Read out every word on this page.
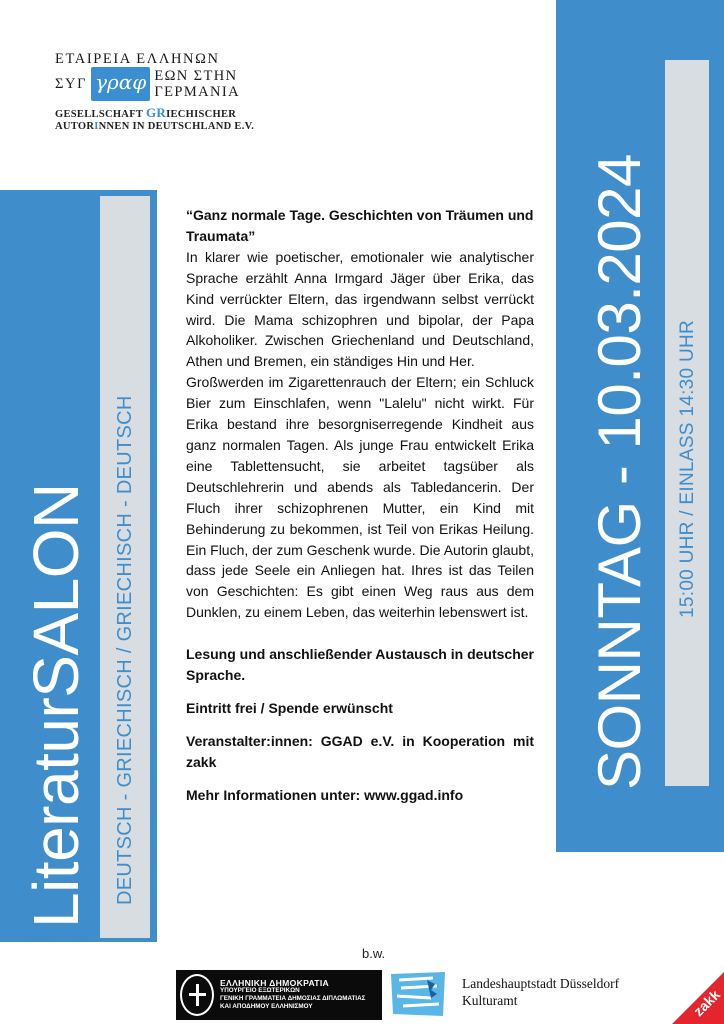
ΕΤΑΙΡΕΙΑ ΕΛΛΗΝΩΝ
ΣΥΓ γραφ ΕΩΝ ΣΤΗΝ
ΓΕΡΜΑΝΙΑ
GESELLSCHAFT GRIECHISCHER
AUTORINNEN IN DEUTSCHLAND E.V.
LiteraturSALON	DEUTSCH - GRIECHISCH / GRIECHISCH - DEUTSCH	SONNTAG - 10.03.2024 15:00 UHR / EINLASS 14:30 UHR

“Ganz normale Tage. Geschichten von Träumen und Traumata”

In klarer wie poetischer, emotionaler wie analytischer Sprache erzählt Anna Irmgard Jäger über Erika, das Kind verrückter Eltern, das irgendwann selbst verrückt wird. Die Mama schizophren und bipolar, der Papa Alkoholiker. Zwischen Griechenland und Deutschland, Athen und Bremen, ein ständiges Hin und Her.

Großwerden im Zigarettenrauch der Eltern; ein Schluck Bier zum Einschlafen, wenn "Lalelu" nicht wirkt. Für Erika bestand ihre besorgniserregende Kindheit aus ganz normalen Tagen. Als junge Frau entwickelt Erika eine Tablettensucht, sie arbeitet tagsüber als Deutschlehrerin und abends als Tabledancerin. Der Fluch ihrer schizophrenen Mutter, ein Kind mit Behinderung zu bekommen, ist Teil von Erikas Heilung. Ein Fluch, der zum Geschenk wurde. Die Autorin glaubt, dass jede Seele ein Anliegen hat. Ihres ist das Teilen von Geschichten: Es gibt einen Weg raus aus dem Dunklen, zu einem Leben, das weiterhin lebenswert ist.

Lesung und anschließender Austausch in deutscher Sprache.

Eintritt frei / Spende erwünscht

Veranstalter:innen: GGAD e.V. in Kooperation mit zakk

Mehr Informationen unter: www.ggad.info

b.w.
ΕΛΛΗΝΙΚΗ ΔΗΜΟΚΡΑΤΙΑ
ΥΠΟΥΡΓΕΙΟ ΕΞΩΤΕΡΙΚΩΝ
ΓΕΝΙΚΗ ΓΡΑΜΜΑΤΕΙΑ ΔΗΜΟΣΙΑΣ ΔΙΠΛΩΜΑΤΙΑΣ
ΚΑΙ ΑΠΟΔΗΜΟΥ ΕΛΛΗΝΙΣΜΟΥ
Landeshauptstadt Düsseldorf
Kulturamt	zakk
